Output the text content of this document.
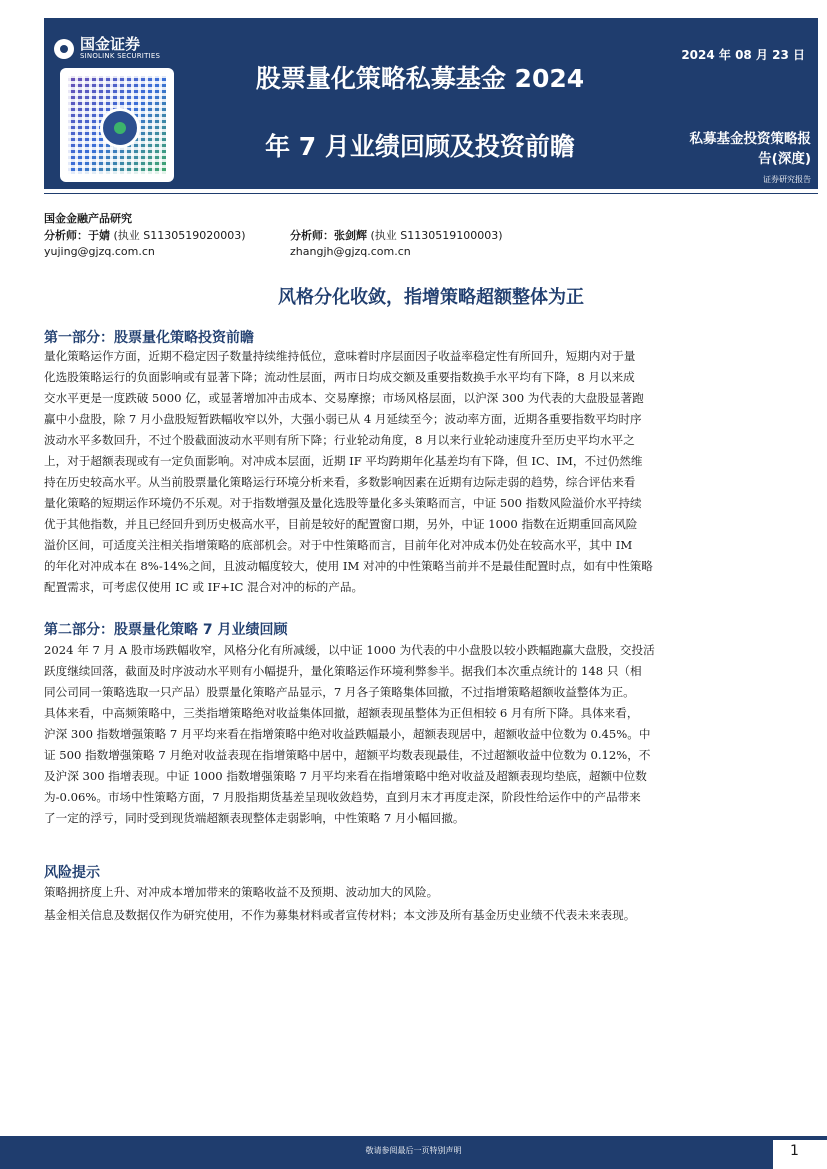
国金证券
SINOLINK SECURITIES	2024 年 08 月 23 日
股票量化策略私募基金 2024
年 7 月业绩回顾及投资前瞻	私募基金投资策略报
告(深度)
证券研究报告
国金金融产品研究
分析师：于婧 (执业 S1130519020003)
yujing@gjzq.com.cn
分析师：张剑辉 (执业 S1130519100003)
zhangjh@gjzq.com.cn
风格分化收敛，指增策略超额整体为正
第一部分：股票量化策略投资前瞻
量化策略运作方面，近期不稳定因子数量持续维持低位，意味着时序层面因子收益率稳定性有所回升，短期内对于量
化选股策略运行的负面影响或有显著下降；流动性层面，两市日均成交额及重要指数换手水平均有下降，8 月以来成
交水平更是一度跌破 5000 亿，或显著增加冲击成本、交易摩擦；市场风格层面，以沪深 300 为代表的大盘股显著跑
赢中小盘股，除 7 月小盘股短暂跌幅收窄以外，大强小弱已从 4 月延续至今；波动率方面，近期各重要指数平均时序
波动水平多数回升，不过个股截面波动水平则有所下降；行业轮动角度，8 月以来行业轮动速度升至历史平均水平之
上，对于超额表现或有一定负面影响。对冲成本层面，近期 IF 平均跨期年化基差均有下降，但 IC、IM，不过仍然维
持在历史较高水平。从当前股票量化策略运行环境分析来看，多数影响因素在近期有边际走弱的趋势，综合评估来看
量化策略的短期运作环境仍不乐观。对于指数增强及量化选股等量化多头策略而言，中证 500 指数风险溢价水平持续
优于其他指数，并且已经回升到历史极高水平，目前是较好的配置窗口期，另外，中证 1000 指数在近期重回高风险
溢价区间，可适度关注相关指增策略的底部机会。对于中性策略而言，目前年化对冲成本仍处在较高水平，其中 IM
的年化对冲成本在 8%-14%之间，且波动幅度较大，使用 IM 对冲的中性策略当前并不是最佳配置时点，如有中性策略
配置需求，可考虑仅使用 IC 或 IF+IC 混合对冲的标的产品。
第二部分：股票量化策略 7 月业绩回顾
2024 年 7 月 A 股市场跌幅收窄，风格分化有所减缓，以中证 1000 为代表的中小盘股以较小跌幅跑赢大盘股，交投活
跃度继续回落，截面及时序波动水平则有小幅提升，量化策略运作环境利弊参半。据我们本次重点统计的 148 只（相
同公司同一策略选取一只产品）股票量化策略产品显示，7 月各子策略集体回撤，不过指增策略超额收益整体为正。
具体来看，中高频策略中，三类指增策略绝对收益集体回撤，超额表现虽整体为正但相较 6 月有所下降。具体来看，
沪深 300 指数增强策略 7 月平均来看在指增策略中绝对收益跌幅最小，超额表现居中，超额收益中位数为 0.45%。中
证 500 指数增强策略 7 月绝对收益表现在指增策略中居中，超额平均数表现最佳，不过超额收益中位数为 0.12%，不
及沪深 300 指增表现。中证 1000 指数增强策略 7 月平均来看在指增策略中绝对收益及超额表现均垫底，超额中位数
为-0.06%。市场中性策略方面，7 月股指期货基差呈现收敛趋势，直到月末才再度走深，阶段性给运作中的产品带来
了一定的浮亏，同时受到现货端超额表现整体走弱影响，中性策略 7 月小幅回撤。
风险提示
策略拥挤度上升、对冲成本增加带来的策略收益不及预期、波动加大的风险。
基金相关信息及数据仅作为研究使用，不作为募集材料或者宣传材料；本文涉及所有基金历史业绩不代表未来表现。
敬请参阅最后一页特别声明	1
